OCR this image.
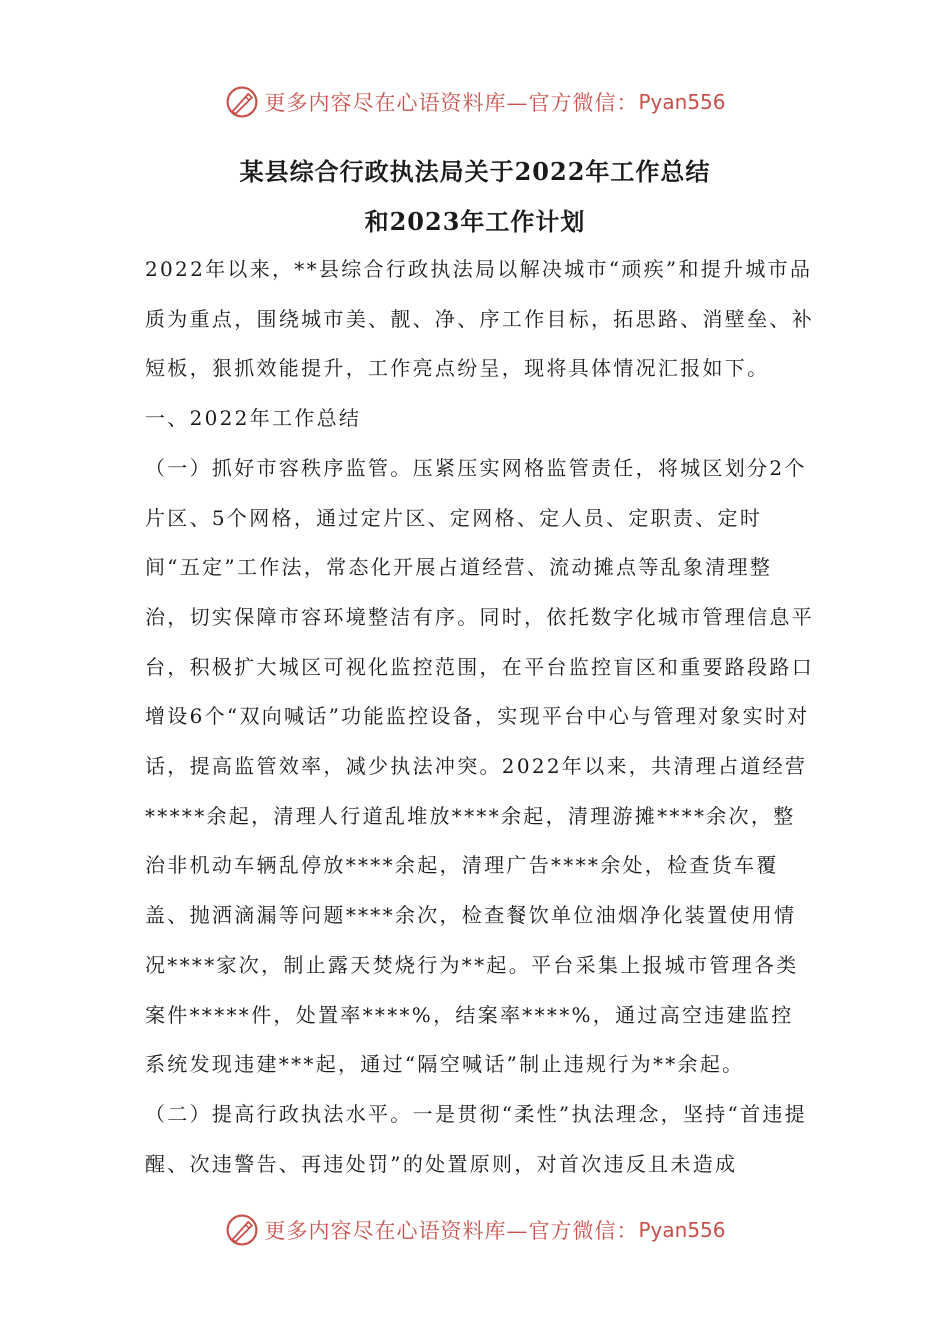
更多内容尽在心语资料库—官方微信： Pyan556
某县综合行政执法局关于2022年工作总结
和2023年工作计划

2022年以来，**县综合行政执法局以解决城市“顽疾”和提升城市品质为重点，围绕城市美、靓、净、序工作目标，拓思路、消壁垒、补短板，狠抓效能提升，工作亮点纷呈，现将具体情况汇报如下。

一、2022年工作总结

（一）抓好市容秩序监管。压紧压实网格监管责任，将城区划分2个片区、5个网格，通过定片区、定网格、定人员、定职责、定时间“五定”工作法，常态化开展占道经营、流动摊点等乱象清理整治，切实保障市容环境整洁有序。同时，依托数字化城市管理信息平台，积极扩大城区可视化监控范围，在平台监控盲区和重要路段路口增设6个“双向喊话”功能监控设备，实现平台中心与管理对象实时对话，提高监管效率，减少执法冲突。2022年以来，共清理占道经营*****余起，清理人行道乱堆放****余起，清理游摊****余次，整治非机动车辆乱停放****余起，清理广告****余处，检查货车覆盖、抛洒滴漏等问题****余次，检查餐饮单位油烟净化装置使用情况****家次，制止露天焚烧行为**起。平台采集上报城市管理各类案件*****件，处置率****%，结案率****%，通过高空违建监控系统发现违建***起，通过“隔空喊话”制止违规行为**余起。

（二）提高行政执法水平。一是贯彻“柔性”执法理念，坚持“首违提醒、次违警告、再违处罚”的处置原则，对首次违反且未造成

更多内容尽在心语资料库—官方微信： Pyan556
